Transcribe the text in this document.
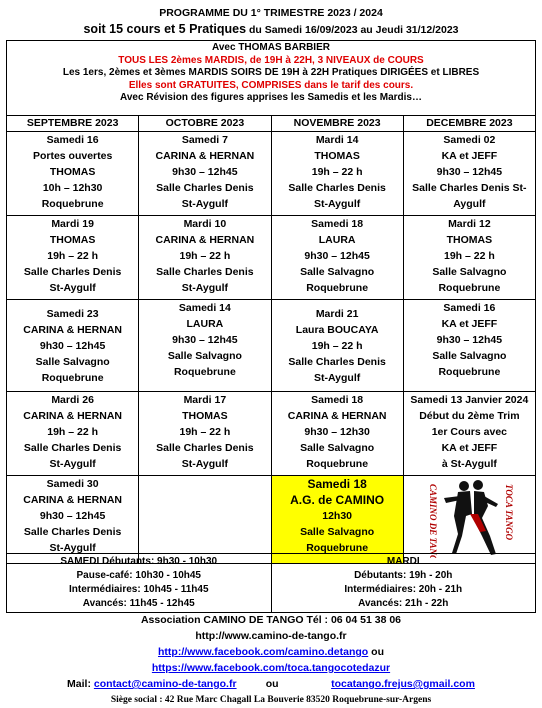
PROGRAMME DU 1° TRIMESTRE 2023 / 2024
soit 15 cours et 5 Pratiques du Samedi 16/09/2023 au Jeudi 31/12/2023
Avec THOMAS BARBIER
TOUS LES 2èmes MARDIS, de 19H à 22H, 3 NIVEAUX de COURS
Les 1ers, 2èmes et 3èmes MARDIS SOIRS DE 19H à 22H Pratiques DIRIGÉES et LIBRES
Elles sont GRATUITES, COMPRISES dans le tarif des cours.
Avec Révision des figures apprises les Samedis et les Mardis…
SEPTEMBRE 2023	OCTOBRE 2023	NOVEMBRE 2023	DECEMBRE 2023

Samedi 16
Portes ouvertes
THOMAS
10h – 12h30
Roquebrune	Samedi 7
CARINA & HERNAN
9h30 – 12h45
Salle Charles Denis
St-Aygulf	Mardi 14
THOMAS
19h – 22 h
Salle Charles Denis
St-Aygulf	Samedi 02
KA et JEFF
9h30 – 12h45
Salle Charles Denis St-
Aygulf

Mardi 19
THOMAS
19h – 22 h
Salle Charles Denis
St-Aygulf	Mardi 10
CARINA & HERNAN
19h – 22 h
Salle Charles Denis
St-Aygulf	Samedi 18
LAURA
9h30 – 12h45
Salle Salvagno
Roquebrune	Mardi 12
THOMAS
19h – 22 h
Salle Salvagno
Roquebrune

Samedi 23
CARINA & HERNAN
9h30 – 12h45
Salle Salvagno
Roquebrune	Samedi 14
LAURA
9h30 – 12h45
Salle Salvagno
Roquebrune	Mardi 21
Laura BOUCAYA
19h – 22 h
Salle Charles Denis
St-Aygulf	Samedi 16
KA et JEFF
9h30 – 12h45
Salle Salvagno
Roquebrune

Mardi 26
CARINA & HERNAN
19h – 22 h
Salle Charles Denis
St-Aygulf	Mardi 17
THOMAS
19h – 22 h
Salle Charles Denis
St-Aygulf	Samedi 18
CARINA & HERNAN
9h30 – 12h30
Salle Salvagno
Roquebrune	Samedi 13 Janvier 2024
Début du 2ème Trim
1er Cours avec
KA et JEFF
à St-Aygulf

Samedi 30
CARINA & HERNAN
9h30 – 12h45
Salle Charles Denis
St-Aygulf		Samedi 18
A.G. de CAMINO
12h30
Salle Salvagno
Roquebrune	CAMINO DE TANGO TOCA TANGO
SAMEDI Débutants: 9h30 - 10h30
Pause-café: 10h30 - 10h45
Intermédiaires: 10h45 - 11h45
Avancés: 11h45 - 12h45

MARDI
Débutants: 19h - 20h
Intermédiaires: 20h - 21h
Avancés: 21h - 22h
Association CAMINO DE TANGO Tél : 06 04 51 38 06
http://www.camino-de-tango.fr
http://www.facebook.com/camino.detango ou
https://www.facebook.com/toca.tangocotedazur
Mail: contact@camino-de-tango.fr          ou                  tocatango.frejus@gmail.com
Siège social : 42 Rue Marc Chagall La Bouverie 83520 Roquebrune-sur-Argens
